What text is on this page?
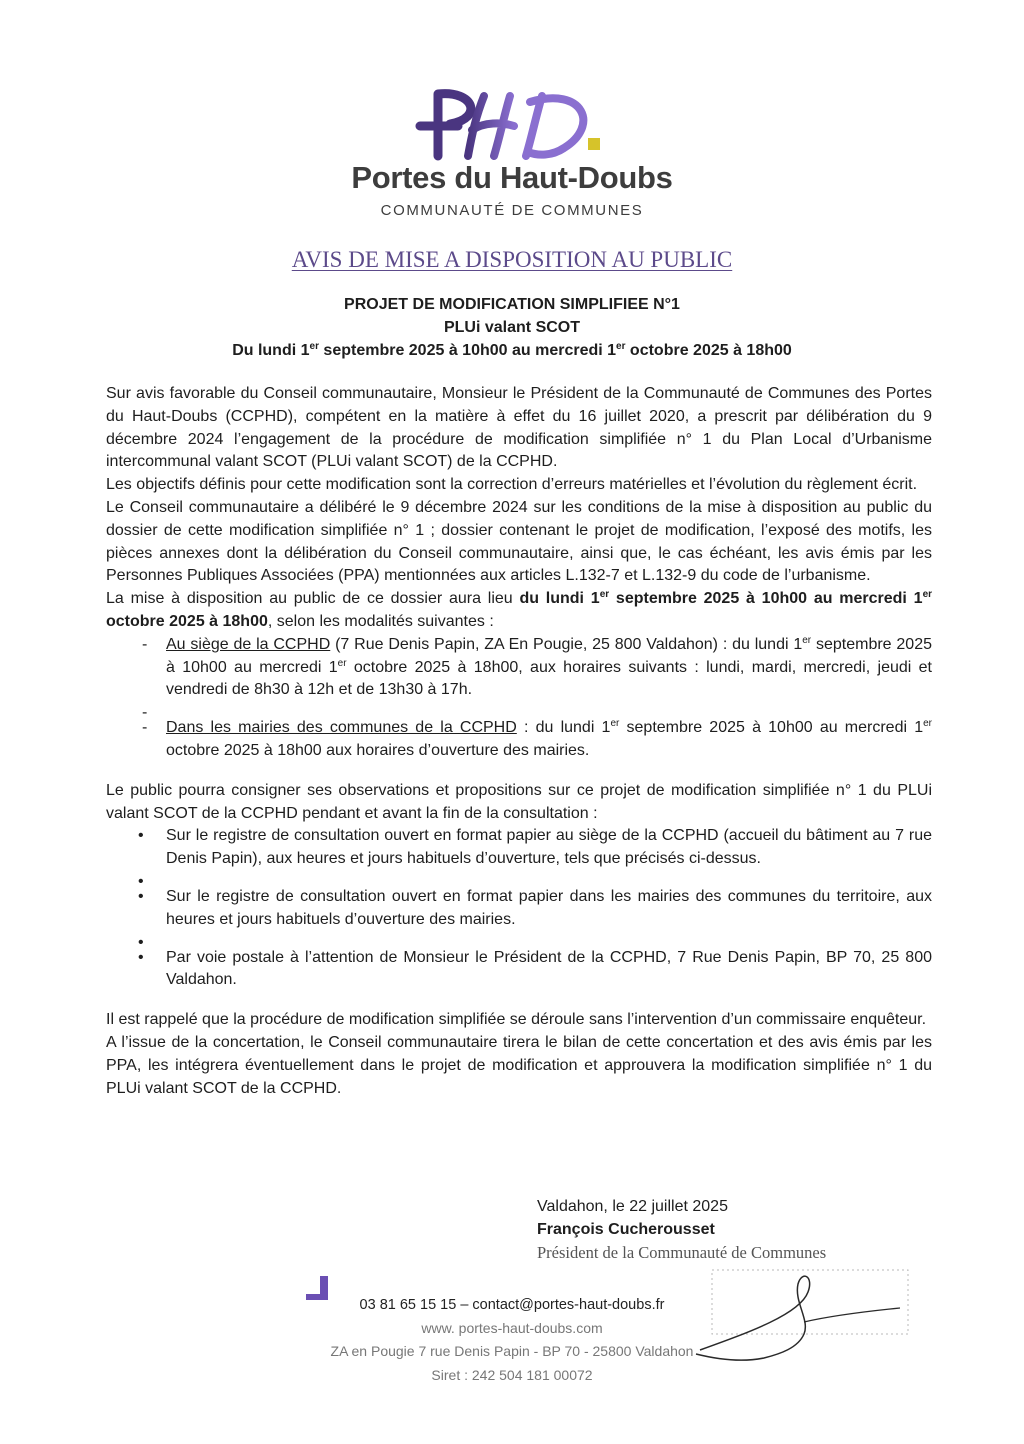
Portes du Haut-Doubs
COMMUNAUTÉ DE COMMUNES
AVIS DE MISE A DISPOSITION AU PUBLIC
PROJET DE MODIFICATION SIMPLIFIEE N°1
PLUi valant SCOT
Du lundi 1er septembre 2025 à 10h00 au mercredi 1er octobre 2025 à 18h00

Sur avis favorable du Conseil communautaire, Monsieur le Président de la Communauté de Communes des Portes du Haut-Doubs (CCPHD), compétent en la matière à effet du 16 juillet 2020, a prescrit par délibération du 9 décembre 2024 l’engagement de la procédure de modification simplifiée n° 1 du Plan Local d’Urbanisme intercommunal valant SCOT (PLUi valant SCOT) de la CCPHD.

Les objectifs définis pour cette modification sont la correction d’erreurs matérielles et l’évolution du règlement écrit.

Le Conseil communautaire a délibéré le 9 décembre 2024 sur les conditions de la mise à disposition au public du dossier de cette modification simplifiée n° 1 ; dossier contenant le projet de modification, l’exposé des motifs, les pièces annexes dont la délibération du Conseil communautaire, ainsi que, le cas échéant, les avis émis par les Personnes Publiques Associées (PPA) mentionnées aux articles L.132-7 et L.132-9 du code de l’urbanisme.

La mise à disposition au public de ce dossier aura lieu du lundi 1er septembre 2025 à 10h00 au mercredi 1er octobre 2025 à 18h00, selon les modalités suivantes :

- Au siège de la CCPHD (7 Rue Denis Papin, ZA En Pougie, 25 800 Valdahon) : du lundi 1er septembre 2025 à 10h00 au mercredi 1er octobre 2025 à 18h00, aux horaires suivants : lundi, mardi, mercredi, jeudi et vendredi de 8h30 à 12h et de 13h30 à 17h.
-
- Dans les mairies des communes de la CCPHD : du lundi 1er septembre 2025 à 10h00 au mercredi 1er octobre 2025 à 18h00 aux horaires d’ouverture des mairies.

Le public pourra consigner ses observations et propositions sur ce projet de modification simplifiée n° 1 du PLUi valant SCOT de la CCPHD pendant et avant la fin de la consultation :

• Sur le registre de consultation ouvert en format papier au siège de la CCPHD (accueil du bâtiment au 7 rue Denis Papin), aux heures et jours habituels d’ouverture, tels que précisés ci-dessus.
•
• Sur le registre de consultation ouvert en format papier dans les mairies des communes du territoire, aux heures et jours habituels d’ouverture des mairies.
•
• Par voie postale à l’attention de Monsieur le Président de la CCPHD, 7 Rue Denis Papin, BP 70, 25 800 Valdahon.

Il est rappelé que la procédure de modification simplifiée se déroule sans l’intervention d’un commissaire enquêteur.

A l’issue de la concertation, le Conseil communautaire tirera le bilan de cette concertation et des avis émis par les PPA, les intégrera éventuellement dans le projet de modification et approuvera la modification simplifiée n° 1 du PLUi valant SCOT de la CCPHD.

Valdahon, le 22 juillet 2025
François Cucherousset
Président de la Communauté de Communes
03 81 65 15 15 – contact@portes-haut-doubs.fr
www. portes-haut-doubs.com
ZA en Pougie 7 rue Denis Papin - BP 70 - 25800 Valdahon
Siret : 242 504 181 00072
